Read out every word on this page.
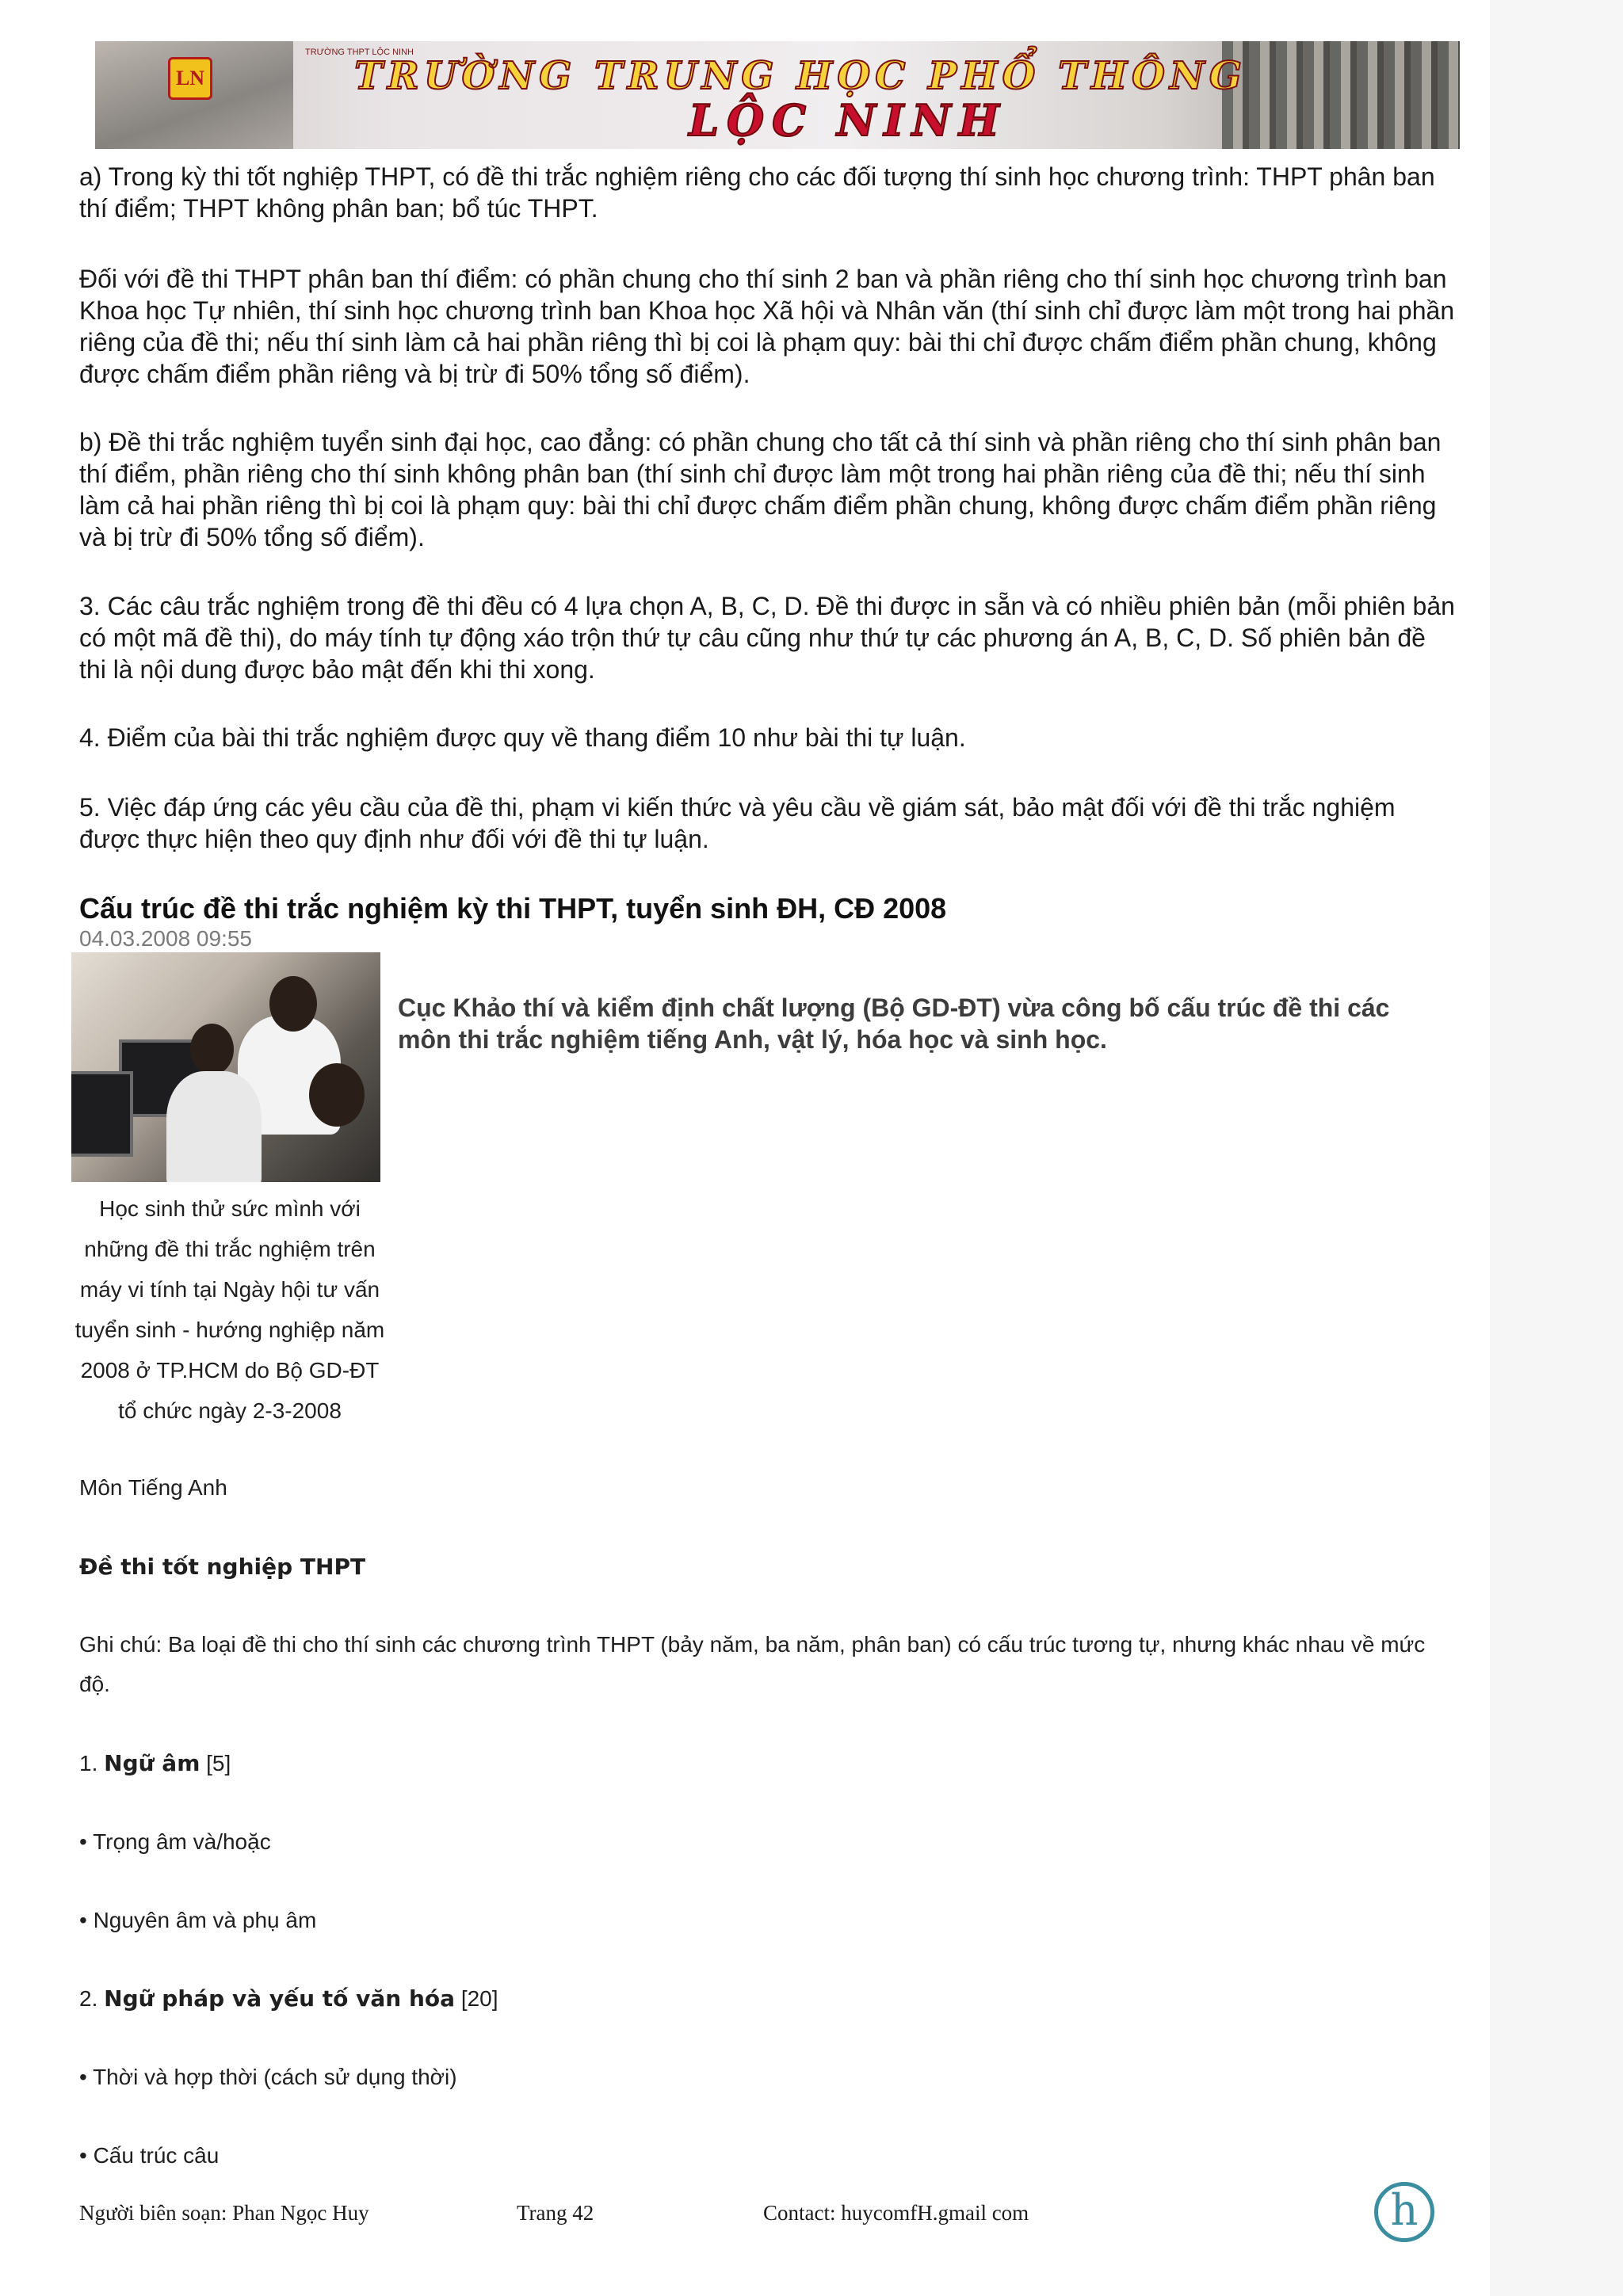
LN
TRƯỜNG THPT LỘC NINH
TRƯỜNG TRUNG HỌC PHỔ THÔNG
LỘC NINH

a) Trong kỳ thi tốt nghiệp THPT, có đề thi trắc nghiệm riêng cho các đối tượng thí sinh học chương trình: THPT phân ban thí điểm; THPT không phân ban; bổ túc THPT.

Đối với đề thi THPT phân ban thí điểm: có phần chung cho thí sinh 2 ban và phần riêng cho thí sinh học chương trình ban Khoa học Tự nhiên, thí sinh học chương trình ban Khoa học Xã hội và Nhân văn (thí sinh chỉ được làm một trong hai phần riêng của đề thi; nếu thí sinh làm cả hai phần riêng thì bị coi là phạm quy: bài thi chỉ được chấm điểm phần chung, không được chấm điểm phần riêng và bị trừ đi 50% tổng số điểm).

b) Đề thi trắc nghiệm tuyển sinh đại học, cao đẳng: có phần chung cho tất cả thí sinh và phần riêng cho thí sinh phân ban thí điểm, phần riêng cho thí sinh không phân ban (thí sinh chỉ được làm một trong hai phần riêng của đề thi; nếu thí sinh làm cả hai phần riêng thì bị coi là phạm quy: bài thi chỉ được chấm điểm phần chung, không được chấm điểm phần riêng và bị trừ đi 50% tổng số điểm).

3. Các câu trắc nghiệm trong đề thi đều có 4 lựa chọn A, B, C, D. Đề thi được in sẵn và có nhiều phiên bản (mỗi phiên bản có một mã đề thi), do máy tính tự động xáo trộn thứ tự câu cũng như thứ tự các phương án A, B, C, D. Số phiên bản đề thi là nội dung được bảo mật đến khi thi xong.

4. Điểm của bài thi trắc nghiệm được quy về thang điểm 10 như bài thi tự luận.

5. Việc đáp ứng các yêu cầu của đề thi, phạm vi kiến thức và yêu cầu về giám sát, bảo mật đối với đề thi trắc nghiệm được thực hiện theo quy định như đối với đề thi tự luận.

Cấu trúc đề thi trắc nghiệm kỳ thi THPT, tuyển sinh ĐH, CĐ 2008
04.03.2008 09:55
Cục Khảo thí và kiểm định chất lượng (Bộ GD-ĐT) vừa công bố cấu trúc đề thi các môn thi trắc nghiệm tiếng Anh, vật lý, hóa học và sinh học.
Học sinh thử sức mình với những đề thi trắc nghiệm trên máy vi tính tại Ngày hội tư vấn tuyển sinh - hướng nghiệp năm 2008 ở TP.HCM do Bộ GD-ĐT tổ chức ngày 2-3-2008
Môn Tiếng Anh
Đề thi tốt nghiệp THPT
Ghi chú: Ba loại đề thi cho thí sinh các chương trình THPT (bảy năm, ba năm, phân ban) có cấu trúc tương tự, nhưng khác nhau về mức độ.
1. Ngữ âm [5]
• Trọng âm và/hoặc
• Nguyên âm và phụ âm
2. Ngữ pháp và yếu tố văn hóa [20]
• Thời và hợp thời (cách sử dụng thời)
• Cấu trúc câu
Người biên soạn: Phan Ngọc Huy	Trang 42	Contact: huycomfH.gmail com	h
